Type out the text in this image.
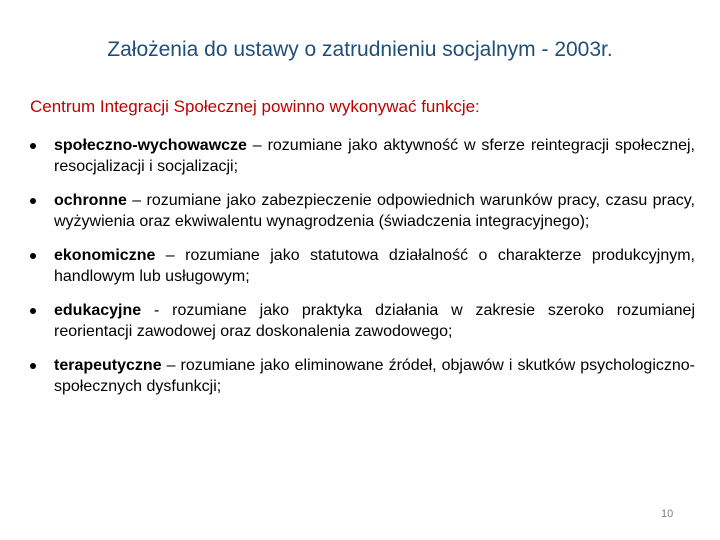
Założenia do ustawy o zatrudnieniu socjalnym - 2003r.
Centrum Integracji Społecznej powinno wykonywać funkcje:
społeczno-wychowawcze – rozumiane jako aktywność w sferze reintegracji społecznej, resocjalizacji i socjalizacji;
ochronne – rozumiane jako zabezpieczenie odpowiednich warunków pracy, czasu pracy, wyżywienia oraz ekwiwalentu wynagrodzenia (świadczenia integracyjnego);
ekonomiczne – rozumiane jako statutowa działalność o charakterze produkcyjnym, handlowym lub usługowym;
edukacyjne - rozumiane jako praktyka działania w zakresie szeroko rozumianej reorientacji zawodowej oraz doskonalenia zawodowego;
terapeutyczne – rozumiane jako eliminowane źródeł, objawów i skutków psychologiczno-społecznych dysfunkcji;
10
